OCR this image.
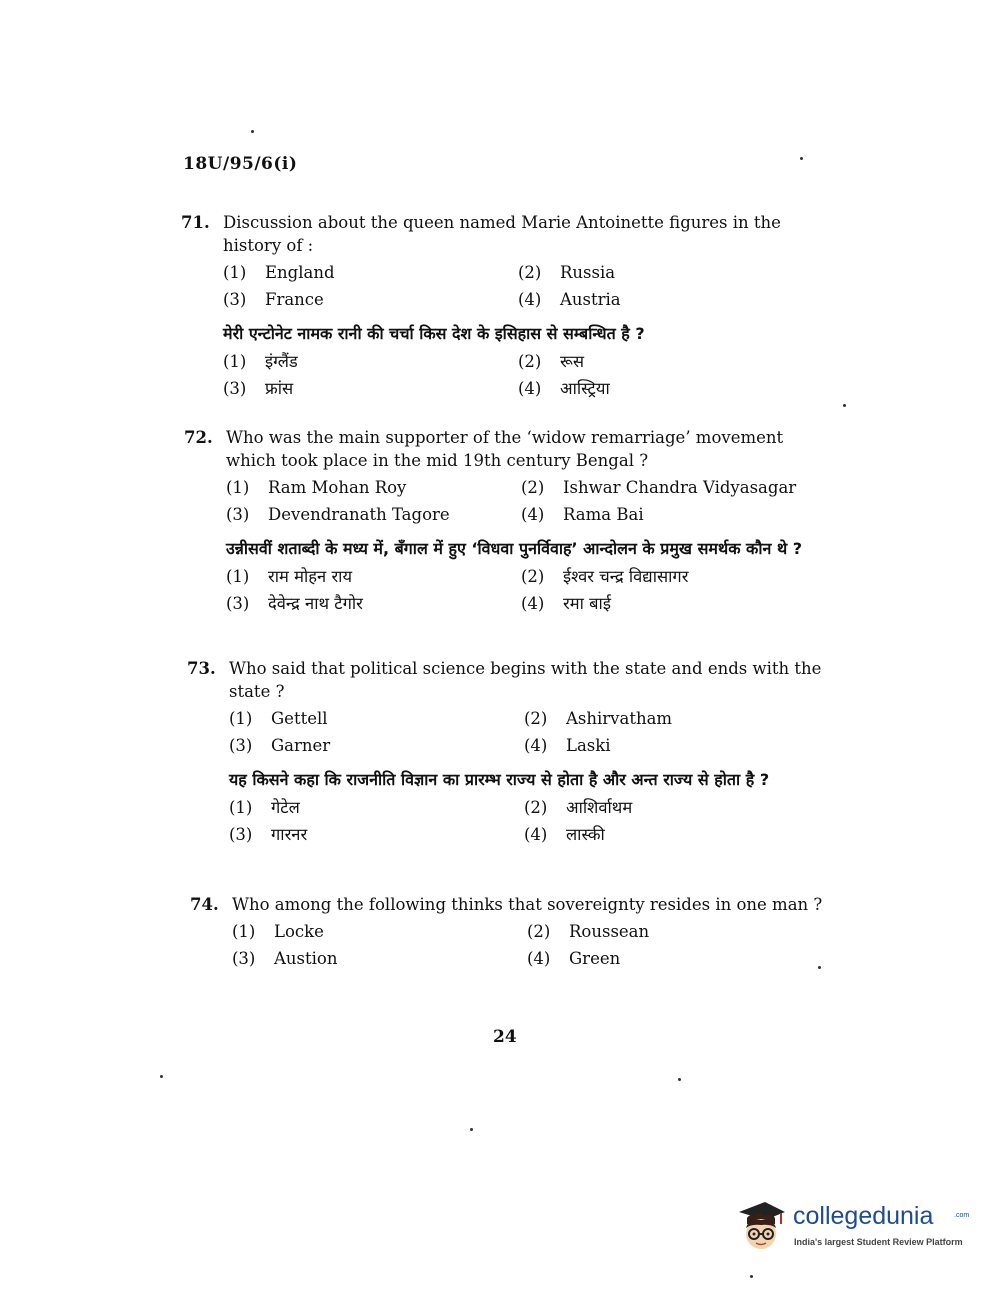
18U/95/6(i)
71. Discussion about the queen named Marie Antoinette figures in the history of :
(1)	England	(2)	Russia
(3)	France	(4)	Austria
मेरी एन्टोनेट नामक रानी की चर्चा किस देश के इसिहास से सम्बन्धित है ?
(1)	इंग्लैंड	(2)	रूस
(3)	फ्रांस	(4)	आस्ट्रिया
72. Who was the main supporter of the ‘widow remarriage’ movement which took place in the mid 19th century Bengal ?
(1)	Ram Mohan Roy	(2)	Ishwar Chandra Vidyasagar
(3)	Devendranath Tagore	(4)	Rama Bai
उन्नीसवीं शताब्दी के मध्य में, बँगाल में हुए ‘विधवा पुनर्विवाह’ आन्दोलन के प्रमुख समर्थक कौन थे ?
(1)	राम मोहन राय	(2)	ईश्वर चन्द्र विद्यासागर
(3)	देवेन्द्र नाथ टैगोर	(4)	रमा बाई
73. Who said that political science begins with the state and ends with the state ?
(1)	Gettell	(2)	Ashirvatham
(3)	Garner	(4)	Laski
यह किसने कहा कि राजनीति विज्ञान का प्रारम्भ राज्य से होता है और अन्त राज्य से होता है ?
(1)	गेटेल	(2)	आशिर्वाथम
(3)	गारनर	(4)	लास्की
74. Who among the following thinks that sovereignty resides in one man ?
(1)	Locke	(2)	Roussean
(3)	Austion	(4)	Green
24
collegedunia	.com
India's largest Student Review Platform
